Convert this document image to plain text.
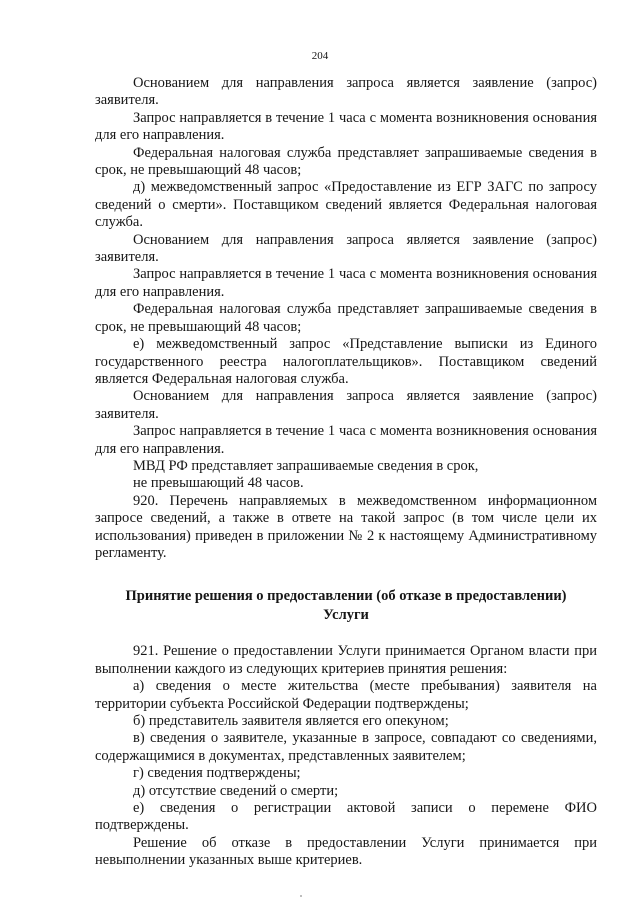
204

Основанием для направления запроса является заявление (запрос) заявителя.

Запрос направляется в течение 1 часа с момента возникновения основания для его направления.

Федеральная налоговая служба представляет запрашиваемые сведения в срок, не превышающий 48 часов;

д) межведомственный запрос «Предоставление из ЕГР ЗАГС по запросу сведений о смерти». Поставщиком сведений является Федеральная налоговая служба.

Основанием для направления запроса является заявление (запрос) заявителя.

Запрос направляется в течение 1 часа с момента возникновения основания для его направления.

Федеральная налоговая служба представляет запрашиваемые сведения в срок, не превышающий 48 часов;

е) межведомственный запрос «Представление выписки из Единого государственного реестра налогоплательщиков». Поставщиком сведений является Федеральная налоговая служба.

Основанием для направления запроса является заявление (запрос) заявителя.

Запрос направляется в течение 1 часа с момента возникновения основания для его направления.

МВД РФ представляет запрашиваемые сведения в срок,

не превышающий 48 часов.

920. Перечень направляемых в межведомственном информационном запросе сведений, а также в ответе на такой запрос (в том числе цели их использования) приведен в приложении № 2 к настоящему Административному регламенту.

Принятие решения о предоставлении (об отказе в предоставлении)
Услуги

921. Решение о предоставлении Услуги принимается Органом власти при выполнении каждого из следующих критериев принятия решения:

а) сведения о месте жительства (месте пребывания) заявителя на территории субъекта Российской Федерации подтверждены;

б) представитель заявителя является его опекуном;

в) сведения о заявителе, указанные в запросе, совпадают со сведениями, содержащимися в документах, представленных заявителем;

г) сведения подтверждены;

д) отсутствие сведений о смерти;

е) сведения о регистрации актовой записи о перемене ФИО подтверждены.

Решение об отказе в предоставлении Услуги принимается при невыполнении указанных выше критериев.
